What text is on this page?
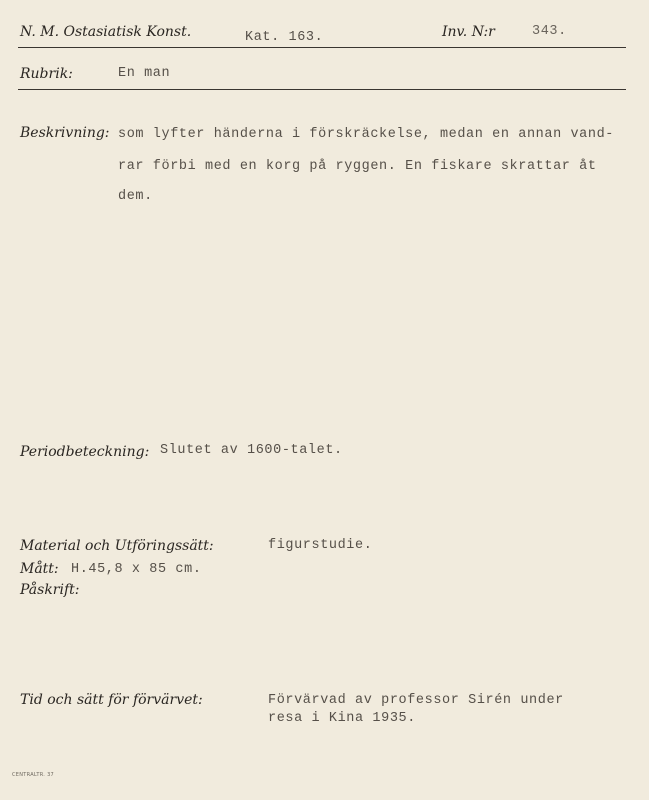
N. M. Ostasiatisk Konst.	Kat. 163.	Inv. N:r	343.
Rubrik:	En man
Beskrivning: som lyfter händerna i förskräckelse, medan en annan vand-
rar förbi med en korg på ryggen. En fiskare skrattar åt
dem.
Periodbeteckning: Slutet av 1600-talet.
Material och Utföringssätt:	figurstudie.
Mått: H.45,8 x 85 cm.
Påskrift:
Tid och sätt för förvärvet:	Förvärvad av professor Sirén under
resa i Kina 1935.
CENTRALTR. 37
